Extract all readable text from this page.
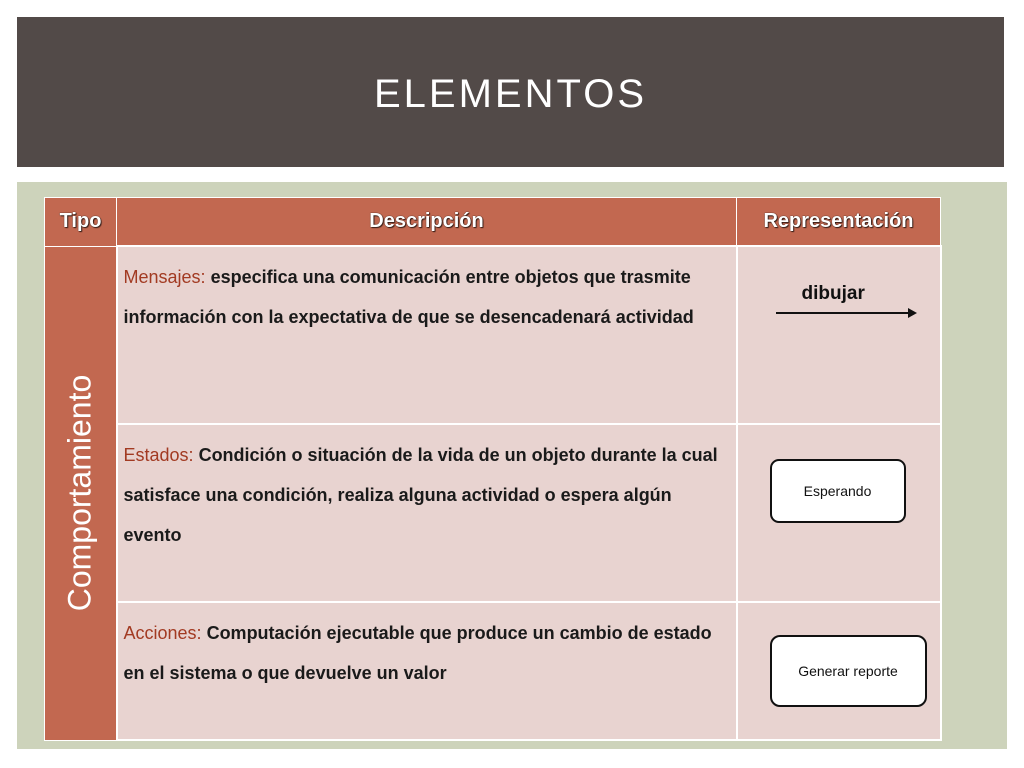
ELEMENTOS
Tipo	Descripción	Representación

Comportamiento	Mensajes: especifica una comunicación entre objetos que trasmite información con la expectativa de que se desencadenará actividad	dibujar

	Estados: Condición o situación de la vida de un objeto durante la cual satisface una condición, realiza alguna actividad o espera algún evento	Esperando

	Acciones: Computación ejecutable que produce un cambio de estado en el sistema o que devuelve un valor	Generar reporte
